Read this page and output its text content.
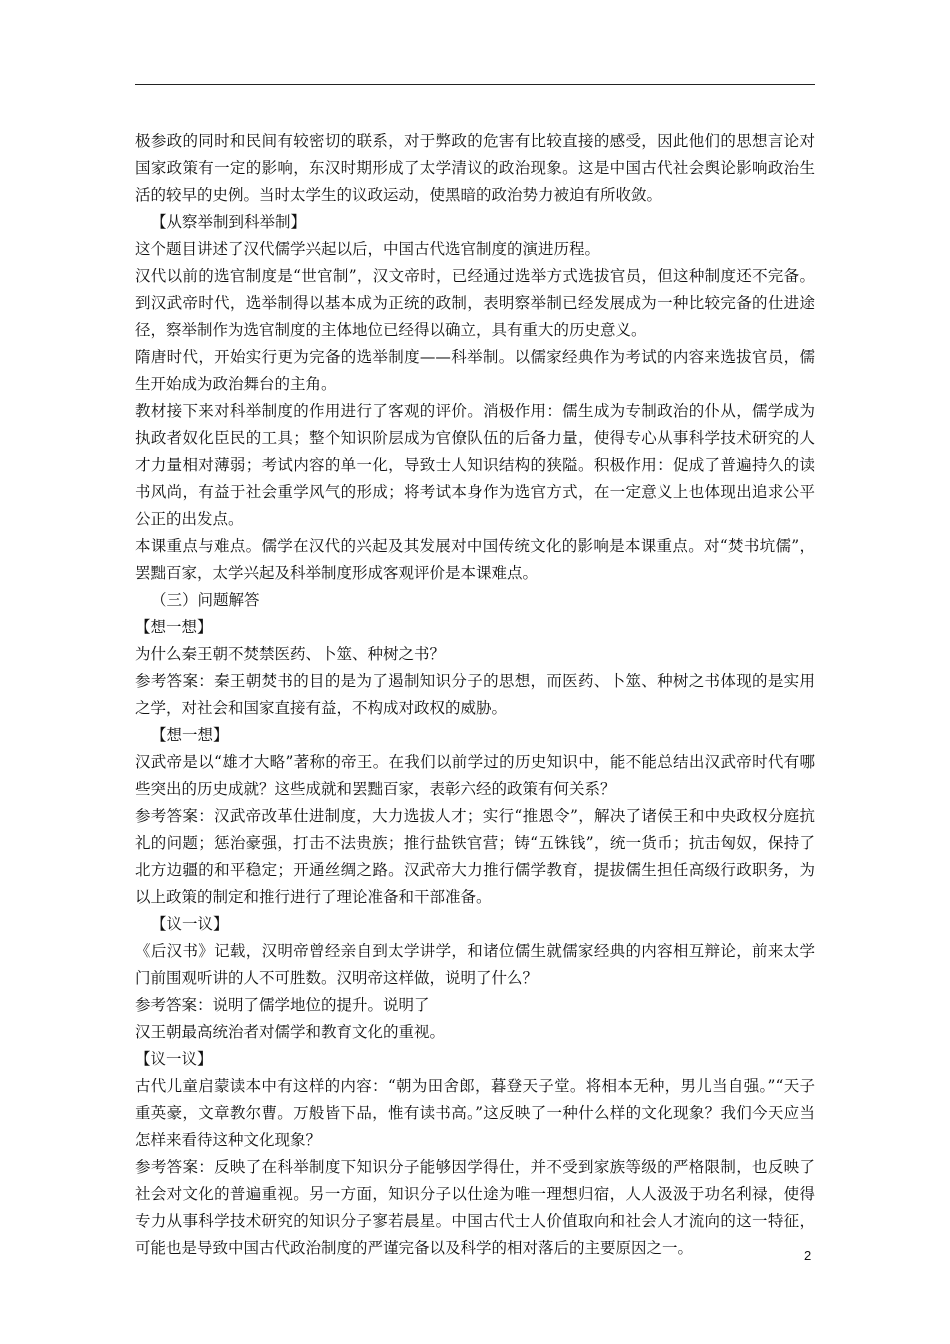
极参政的同时和民间有较密切的联系，对于弊政的危害有比较直接的感受，因此他们的思想言论对国家政策有一定的影响，东汉时期形成了太学清议的政治现象。这是中国古代社会舆论影响政治生活的较早的史例。当时太学生的议政运动，使黑暗的政治势力被迫有所收敛。

【从察举制到科举制】

这个题目讲述了汉代儒学兴起以后，中国古代选官制度的演进历程。

汉代以前的选官制度是“世官制”，汉文帝时，已经通过选举方式选拔官员，但这种制度还不完备。到汉武帝时代，选举制得以基本成为正统的政制，表明察举制已经发展成为一种比较完备的仕进途径，察举制作为选官制度的主体地位已经得以确立，具有重大的历史意义。

隋唐时代，开始实行更为完备的选举制度——科举制。以儒家经典作为考试的内容来选拔官员，儒生开始成为政治舞台的主角。

教材接下来对科举制度的作用进行了客观的评价。消极作用：儒生成为专制政治的仆从，儒学成为执政者奴化臣民的工具；整个知识阶层成为官僚队伍的后备力量，使得专心从事科学技术研究的人才力量相对薄弱；考试内容的单一化，导致士人知识结构的狭隘。积极作用：促成了普遍持久的读书风尚，有益于社会重学风气的形成；将考试本身作为选官方式，在一定意义上也体现出追求公平公正的出发点。

本课重点与难点。儒学在汉代的兴起及其发展对中国传统文化的影响是本课重点。对“焚书坑儒”，罢黜百家，太学兴起及科举制度形成客观评价是本课难点。

（三）问题解答

【想一想】

为什么秦王朝不焚禁医药、卜筮、种树之书？

参考答案：秦王朝焚书的目的是为了遏制知识分子的思想，而医药、卜筮、种树之书体现的是实用之学，对社会和国家直接有益，不构成对政权的威胁。

【想一想】

汉武帝是以“雄才大略”著称的帝王。在我们以前学过的历史知识中，能不能总结出汉武帝时代有哪些突出的历史成就？这些成就和罢黜百家，表彰六经的政策有何关系？

参考答案：汉武帝改革仕进制度，大力选拔人才；实行“推恩令”，解决了诸侯王和中央政权分庭抗礼的问题；惩治豪强，打击不法贵族；推行盐铁官营；铸“五铢钱”，统一货币；抗击匈奴，保持了北方边疆的和平稳定；开通丝绸之路。汉武帝大力推行儒学教育，提拔儒生担任高级行政职务，为以上政策的制定和推行进行了理论准备和干部准备。

【议一议】

《后汉书》记载，汉明帝曾经亲自到太学讲学，和诸位儒生就儒家经典的内容相互辩论，前来太学门前围观听讲的人不可胜数。汉明帝这样做，说明了什么？

参考答案：说明了儒学地位的提升。说明了

汉王朝最高统治者对儒学和教育文化的重视。

【议一议】

古代儿童启蒙读本中有这样的内容：“朝为田舍郎，暮登天子堂。将相本无种，男儿当自强。”“天子重英豪，文章教尔曹。万般皆下品，惟有读书高。”这反映了一种什么样的文化现象？我们今天应当怎样来看待这种文化现象？

参考答案：反映了在科举制度下知识分子能够因学得仕，并不受到家族等级的严格限制，也反映了社会对文化的普遍重视。另一方面，知识分子以仕途为唯一理想归宿，人人汲汲于功名利禄，使得专力从事科学技术研究的知识分子寥若晨星。中国古代士人价值取向和社会人才流向的这一特征，可能也是导致中国古代政治制度的严谨完备以及科学的相对落后的主要原因之一。	2
